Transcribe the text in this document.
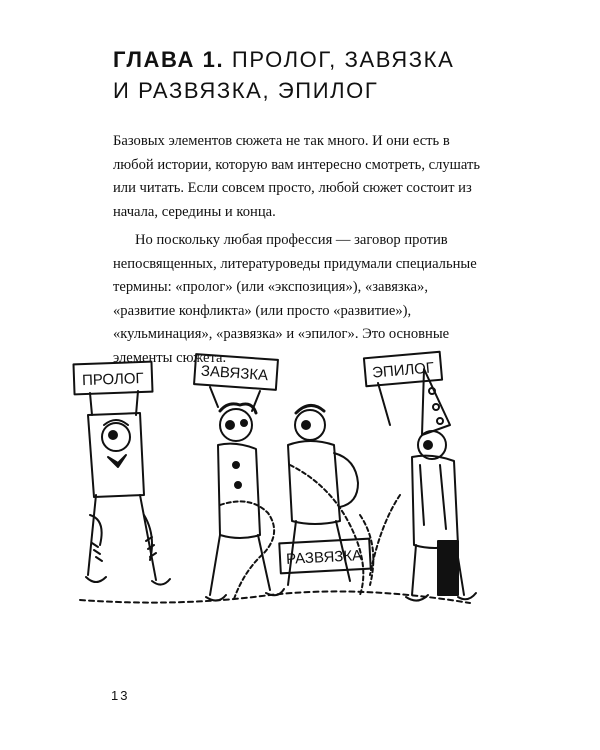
ГЛАВА 1. ПРОЛОГ, ЗАВЯЗКА
И РАЗВЯЗКА, ЭПИЛОГ

Базовых элементов сюжета не так много. И они есть в любой истории, которую вам интересно смотреть, слушать или читать. Если совсем просто, любой сюжет состоит из начала, середины и конца.

Но поскольку любая профессия — заговор против непосвященных, литературоведы придумали специальные термины: «пролог» (или «экспозиция»), «завязка», «развитие конфликта» (или просто «развитие»), «кульминация», «развязка» и «эпилог». Это основные элементы сюжета.

ПРОЛОГ	ЗАВЯЗКА
РАЗВЯЗКА
ЭПИЛОГ
13
